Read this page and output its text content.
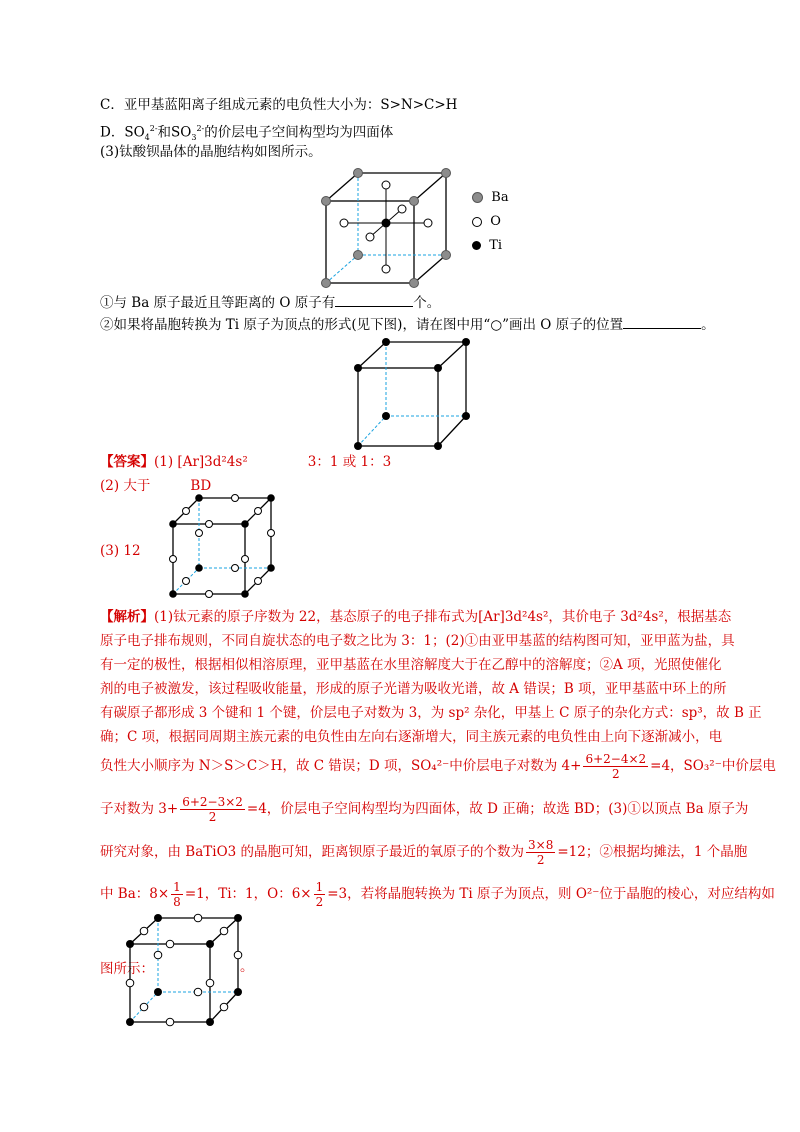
C．亚甲基蓝阳离子组成元素的电负性大小为：S>N>C>H
D．$SO_4^{2-}$和$SO_3^{2-}$的价层电子空间构型均为四面体
(3)钛酸钡晶体的晶胞结构如图所示。
Ba
O
Ti
①与 Ba 原子最近且等距离的 O 原子有	个。
②如果将晶胞转换为 Ti 原子为顶点的形式(见下图)，请在图中用“○”画出 O 原子的位置	。
【答案】(1) [Ar]3d²4s²	3：1 或 1：3
(2) 大于	BD
(3) 12
【解析】(1)钛元素的原子序数为 22，基态原子的电子排布式为[Ar]3d²4s²，其价电子 3d²4s²，根据基态
原子电子排布规则，不同自旋状态的电子数之比为 3：1；(2)①由亚甲基蓝的结构图可知，亚甲蓝为盐，具
有一定的极性，根据相似相溶原理，亚甲基蓝在水里溶解度大于在乙醇中的溶解度；②A 项，光照使催化
剂的电子被激发，该过程吸收能量，形成的原子光谱为吸收光谱，故 A 错误；B 项，亚甲基蓝中环上的所
有碳原子都形成 3 个键和 1 个键，价层电子对数为 3，为 sp² 杂化，甲基上 C 原子的杂化方式：sp³，故 B 正
确；C 项，根据同周期主族元素的电负性由左向右逐渐增大，同主族元素的电负性由上向下逐渐减小，电
负性大小顺序为 N＞S＞C＞H，故 C 错误；D 项，SO₄²⁻中价层电子对数为 $4+ \frac{6+2-4\times 2}{2} =4$，SO₃²⁻中价层电
子对数为 $3+ \frac{6+2-3\times 2}{2} =4$，价层电子空间构型均为四面体，故 D 正确；故选 BD；(3)①以顶点 Ba 原子为
研究对象，由 BaTiO3 的晶胞可知，距离钡原子最近的氧原子的个数为 $\frac{3\times 8}{2} =12$；②根据均摊法，1 个晶胞
中 Ba：$8\times \frac{1}{8} =1$，Ti：1，O：$6\times \frac{1}{2} =3$，若将晶胞转换为 Ti 原子为顶点，则 O²⁻位于晶胞的棱心，对应结构如
图所示：	。
